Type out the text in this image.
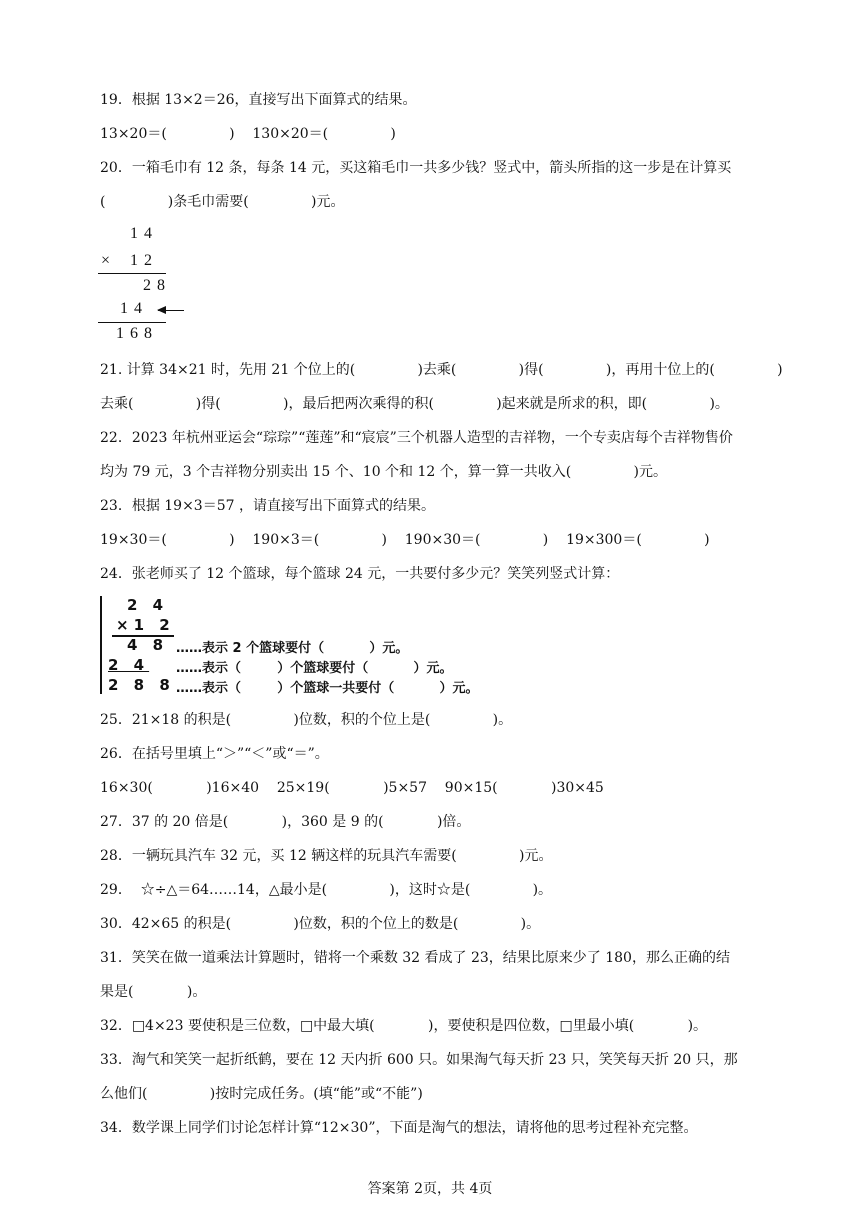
19．根据 13×2＝26，直接写出下面算式的结果。
13×20＝(              )    130×20＝(              )
20．一箱毛巾有 12 条，每条 14 元，买这箱毛巾一共多少钱？竖式中，箭头所指的这一步是在计算买
(              )条毛巾需要(              )元。
14
× 12
28
14
168
21. 计算 34×21 时，先用 21 个位上的(              )去乘(              )得(              )，再用十位上的(              )
去乘(              )得(              )，最后把两次乘得的积(              )起来就是所求的积，即(              )。
22．2023 年杭州亚运会“琮琮”“莲莲”和“宸宸”三个机器人造型的吉祥物，一个专卖店每个吉祥物售价
均为 79 元，3 个吉祥物分别卖出 15 个、10 个和 12 个，算一算一共收入(              )元。
23．根据 19×3＝57 ，请直接写出下面算式的结果。
19×30＝(              )    190×3＝(              )    190×30＝(              )    19×300＝(              )
24．张老师买了 12 个篮球，每个篮球 24 元，一共要付多少元？笑笑列竖式计算：
2 4
×1 2
4 8 ……表示 2 个篮球要付（          ）元。
2 4 ……表示（        ）个篮球要付（          ）元。
2 8 8 ……表示（        ）个篮球一共要付（          ）元。
25．21×18 的积是(              )位数，积的个位上是(              )。
26．在括号里填上“＞”“＜”或“＝”。
16×30(            )16×40    25×19(            )5×57    90×15(            )30×45
27．37 的 20 倍是(            )，360 是 9 的(            )倍。
28．一辆玩具汽车 32 元，买 12 辆这样的玩具汽车需要(              )元。
29．  ☆÷△＝64……14，△最小是(              )，这时☆是(              )。
30．42×65 的积是(              )位数，积的个位上的数是(              )。
31．笑笑在做一道乘法计算题时，错将一个乘数 32 看成了 23，结果比原来少了 180，那么正确的结
果是(            )。
32．□4×23 要使积是三位数，□中最大填(            )，要使积是四位数，□里最小填(            )。
33．淘气和笑笑一起折纸鹤，要在 12 天内折 600 只。如果淘气每天折 23 只，笑笑每天折 20 只，那
么他们(              )按时完成任务。(填“能”或“不能”)
34．数学课上同学们讨论怎样计算“12×30”，下面是淘气的想法，请将他的思考过程补充完整。
答案第 2页，共 4页
